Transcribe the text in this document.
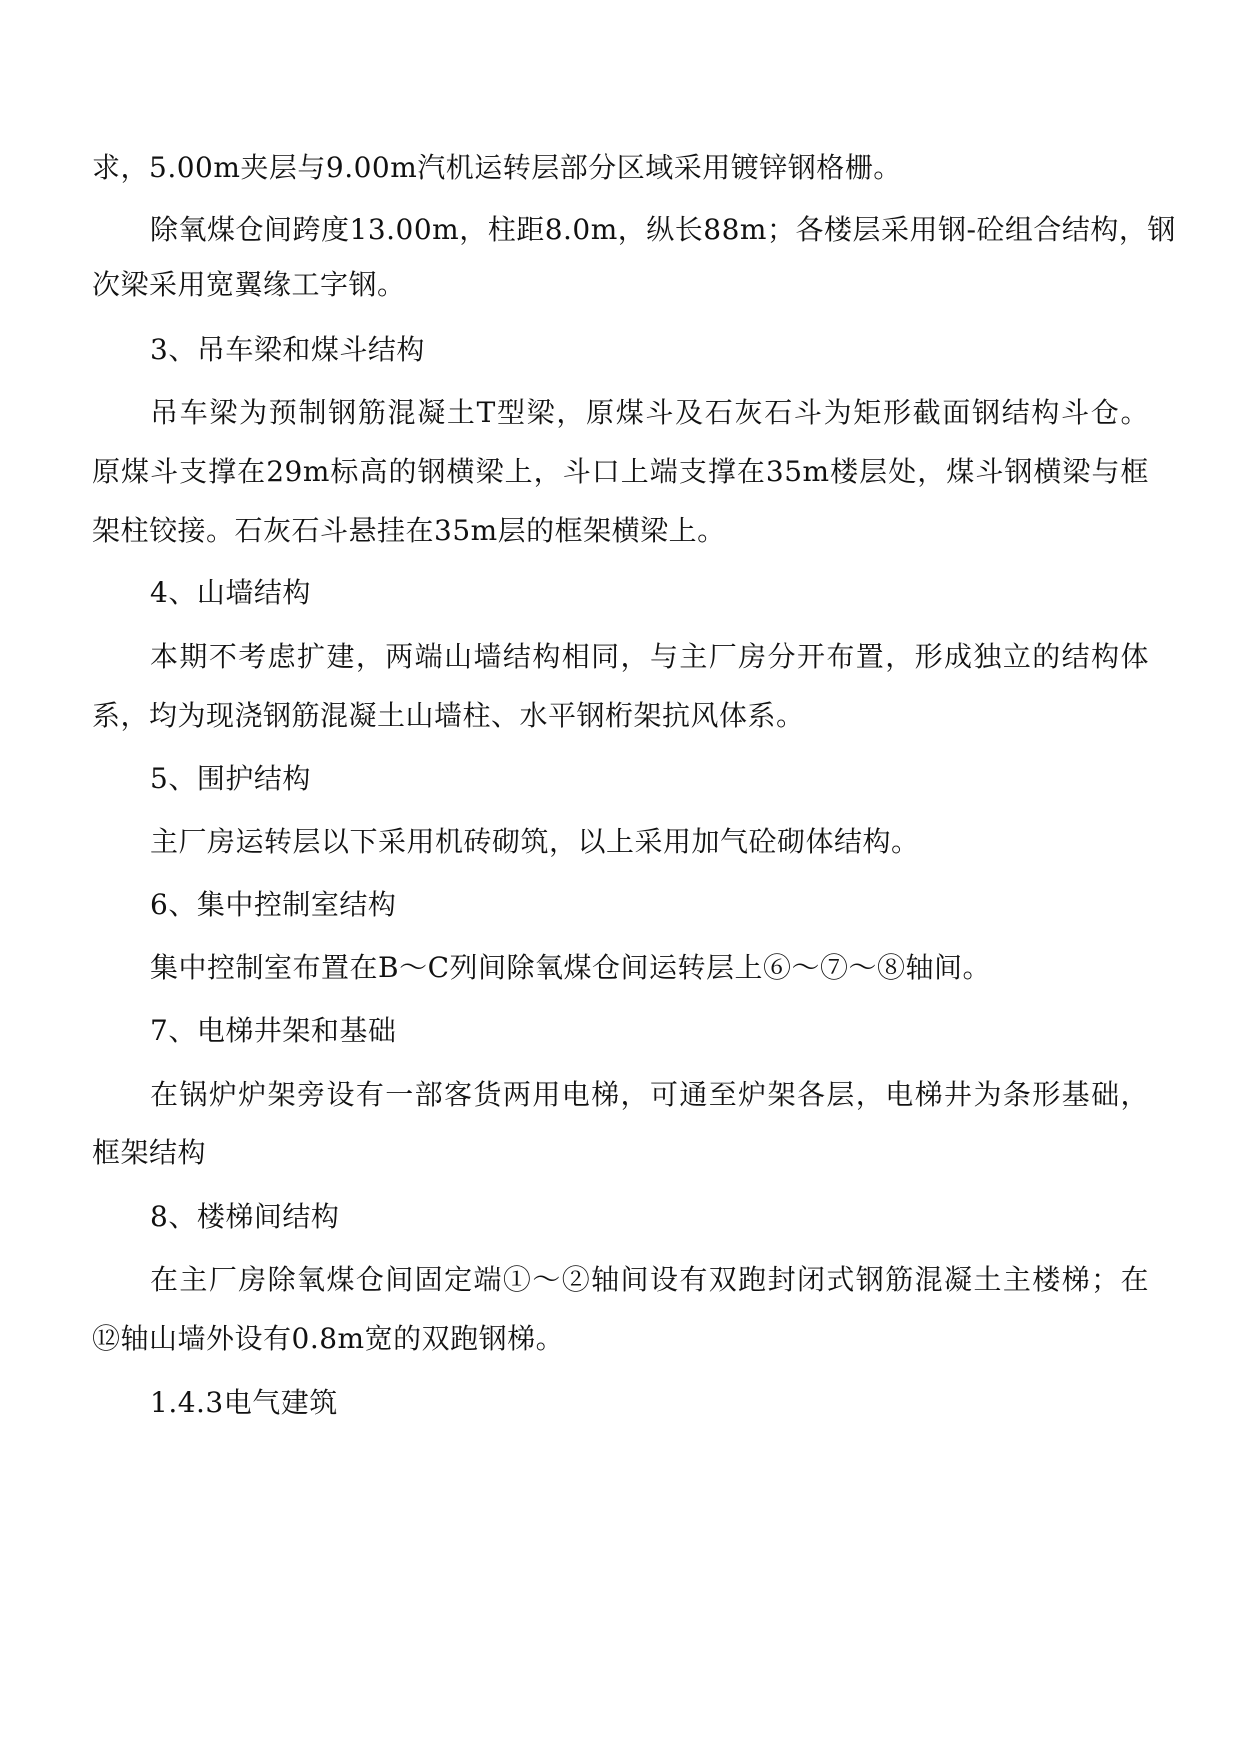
求，5.00m夹层与9.00m汽机运转层部分区域采用镀锌钢格栅。
除氧煤仓间跨度13.00m，柱距8.0m，纵长88m；各楼层采用钢-砼组合结构，钢
次梁采用宽翼缘工字钢。
3、吊车梁和煤斗结构
吊车梁为预制钢筋混凝土T型梁，原煤斗及石灰石斗为矩形截面钢结构斗仓。
原煤斗支撑在29m标高的钢横梁上，斗口上端支撑在35m楼层处，煤斗钢横梁与框
架柱铰接。石灰石斗悬挂在35m层的框架横梁上。
4、山墙结构
本期不考虑扩建，两端山墙结构相同，与主厂房分开布置，形成独立的结构体
系，均为现浇钢筋混凝土山墙柱、水平钢桁架抗风体系。
5、围护结构
主厂房运转层以下采用机砖砌筑，以上采用加气砼砌体结构。
6、集中控制室结构
集中控制室布置在B～C列间除氧煤仓间运转层上⑥～⑦～⑧轴间。
7、电梯井架和基础
在锅炉炉架旁设有一部客货两用电梯，可通至炉架各层，电梯井为条形基础，
框架结构
8、楼梯间结构
在主厂房除氧煤仓间固定端①～②轴间设有双跑封闭式钢筋混凝土主楼梯；在
⑫轴山墙外设有0.8m宽的双跑钢梯。
1.4.3电气建筑
